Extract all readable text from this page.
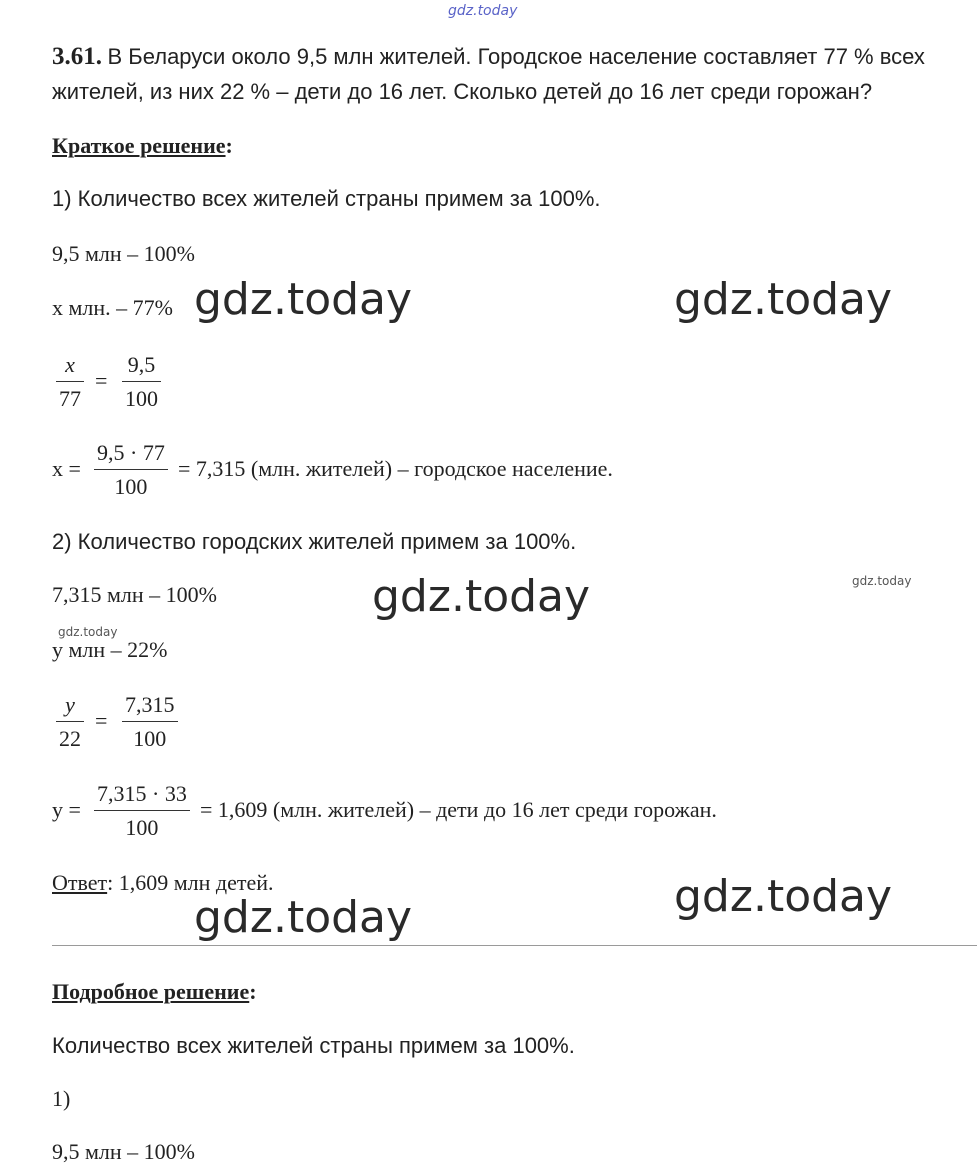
gdz.today
3.61. В Беларуси около 9,5 млн жителей. Городское население составляет 77 % всех
жителей, из них 22 % – дети до 16 лет. Сколько детей до 16 лет среди горожан?
Краткое решение:
1) Количество всех жителей страны примем за 100%.
9,5 млн – 100%
x млн. – 77% gdz.today	gdz.today
x
77
=
9,5
100
x =
9,5 · 77
100
= 7,315 (млн. жителей) – городское население.
2) Количество городских жителей примем за 100%.
7,315 млн – 100%	gdz.today	gdz.today
gdz.today
y млн – 22%
y
22
=
7,315
100
y =
7,315 · 33
100
= 1,609 (млн. жителей) – дети до 16 лет среди горожан.
Ответ: 1,609 млн детей.	gdz.today
gdz.today
Подробное решение:
Количество всех жителей страны примем за 100%.
1)
9,5 млн – 100%
